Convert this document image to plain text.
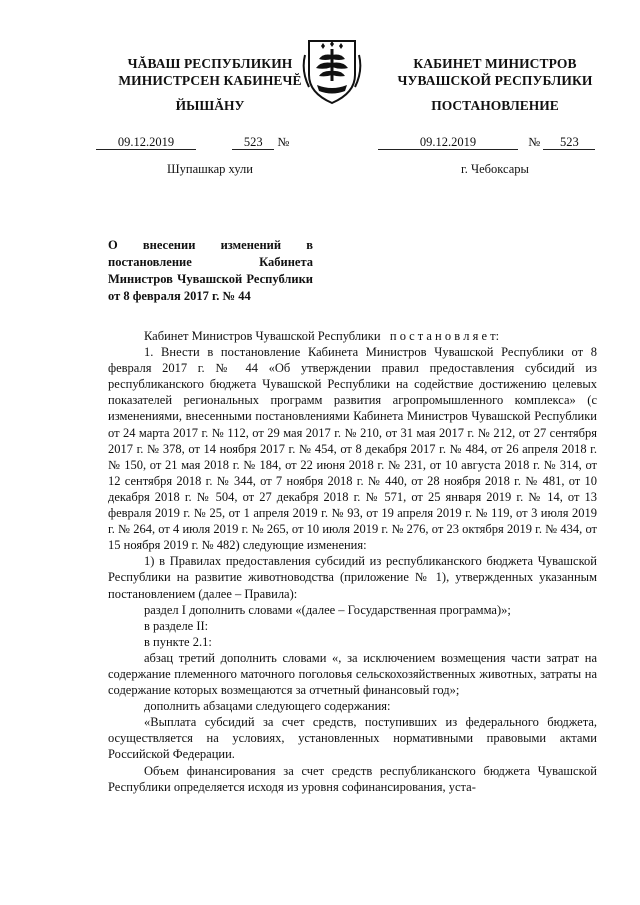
ЧĂВАШ РЕСПУБЛИКИН
МИНИСТРСЕН КАБИНЕЧĔ
ЙЫШĂНУ
КАБИНЕТ МИНИСТРОВ
ЧУВАШСКОЙ РЕСПУБЛИКИ
ПОСТАНОВЛЕНИЕ
09.12.2019	523 №	09.12.2019	№ 523
Шупашкар хули	г. Чебоксары
О внесении изменений в постановление Кабинета Министров Чувашской Республики от 8 февраля 2017 г. № 44

Кабинет Министров Чувашской Республики п о с т а н о в л я е т:

1. Внести в постановление Кабинета Министров Чувашской Республики от 8 февраля 2017 г. № 44 «Об утверждении правил предоставления субсидий из республиканского бюджета Чувашской Республики на содействие достижению целевых показателей региональных программ развития агропромышленного комплекса» (с изменениями, внесенными постановлениями Кабинета Министров Чувашской Республики от 24 марта 2017 г. № 112, от 29 мая 2017 г. № 210, от 31 мая 2017 г. № 212, от 27 сентября 2017 г. № 378, от 14 ноября 2017 г. № 454, от 8 декабря 2017 г. № 484, от 26 апреля 2018 г. № 150, от 21 мая 2018 г. № 184, от 22 июня 2018 г. № 231, от 10 августа 2018 г. № 314, от 12 сентября 2018 г. № 344, от 7 ноября 2018 г. № 440, от 28 ноября 2018 г. № 481, от 10 декабря 2018 г. № 504, от 27 декабря 2018 г. № 571, от 25 января 2019 г. № 14, от 13 февраля 2019 г. № 25, от 1 апреля 2019 г. № 93, от 19 апреля 2019 г. № 119, от 3 июля 2019 г. № 264, от 4 июля 2019 г. № 265, от 10 июля 2019 г. № 276, от 23 октября 2019 г. № 434, от 15 ноября 2019 г. № 482) следующие изменения:

1) в Правилах предоставления субсидий из республиканского бюджета Чувашской Республики на развитие животноводства (приложение № 1), утвержденных указанным постановлением (далее – Правила):

раздел I дополнить словами «(далее – Государственная программа)»;

в разделе II:

в пункте 2.1:

абзац третий дополнить словами «, за исключением возмещения части затрат на содержание племенного маточного поголовья сельскохозяйственных животных, затраты на содержание которых возмещаются за отчетный финансовый год»;

дополнить абзацами следующего содержания:

«Выплата субсидий за счет средств, поступивших из федерального бюджета, осуществляется на условиях, установленных нормативными правовыми актами Российской Федерации.

Объем финансирования за счет средств республиканского бюджета Чувашской Республики определяется исходя из уровня софинансирования, уста-
